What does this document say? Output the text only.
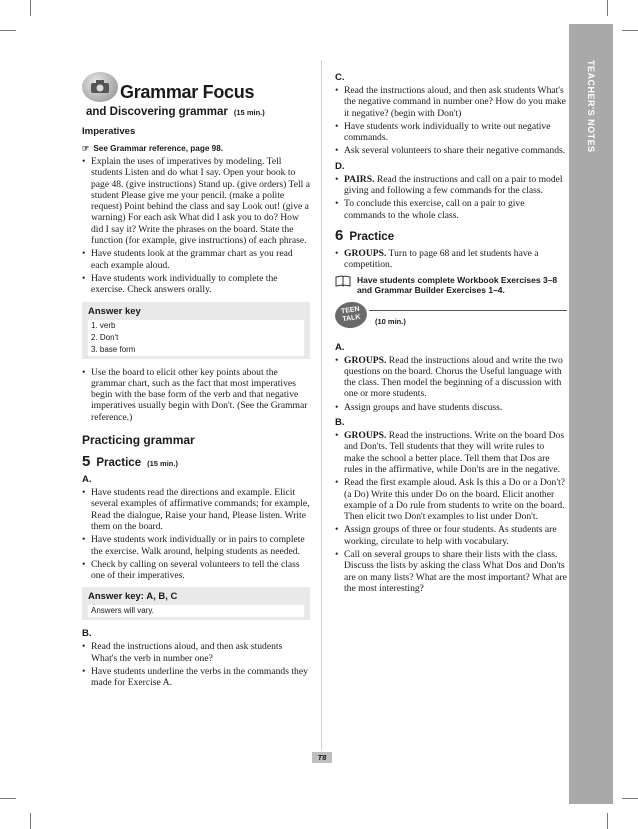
TEACHER'S NOTES
Grammar Focus
and Discovering grammar (15 min.)
Imperatives
☞ See Grammar reference, page 98.
• Explain the uses of imperatives by modeling. Tell students Listen and do what I say. Open your book to page 48. (give instructions) Stand up. (give orders) Tell a student Please give me your pencil. (make a polite request) Point behind the class and say Look out! (give a warning) For each ask What did I ask you to do? How did I say it? Write the phrases on the board. State the function (for example, give instructions) of each phrase.
• Have students look at the grammar chart as you read each example aloud.
• Have students work individually to complete the exercise. Check answers orally.
Answer key
1. verb
2. Don't
3. base form
• Use the board to elicit other key points about the grammar chart, such as the fact that most imperatives begin with the base form of the verb and that negative imperatives usually begin with Don't. (See the Grammar reference.)
Practicing grammar
5 Practice (15 min.)
A.
• Have students read the directions and example. Elicit several examples of affirmative commands; for example, Read the dialogue, Raise your hand, Please listen. Write them on the board.
• Have students work individually or in pairs to complete the exercise. Walk around, helping students as needed.
• Check by calling on several volunteers to tell the class one of their imperatives.
Answer key: A, B, C
Answers will vary.
B.
• Read the instructions aloud, and then ask students What's the verb in number one?
• Have students underline the verbs in the commands they made for Exercise A.
C.
• Read the instructions aloud, and then ask students What's the negative command in number one? How do you make it negative? (begin with Don't)
• Have students work individually to write out negative commands.
• Ask several volunteers to share their negative commands.
D.
• PAIRS. Read the instructions and call on a pair to model giving and following a few commands for the class.
• To conclude this exercise, call on a pair to give commands to the whole class.
6 Practice
• GROUPS. Turn to page 68 and let students have a competition.
Have students complete Workbook Exercises 3–8 and Grammar Builder Exercises 1–4.
TEEN TALK	(10 min.)
A.
• GROUPS. Read the instructions aloud and write the two questions on the board. Chorus the Useful language with the class. Then model the beginning of a discussion with one or more students.
• Assign groups and have students discuss.
B.
• GROUPS. Read the instructions. Write on the board Dos and Don'ts. Tell students that they will write rules to make the school a better place. Tell them that Dos are rules in the affirmative, while Don'ts are in the negative.
• Read the first example aloud. Ask Is this a Do or a Don't? (a Do) Write this under Do on the board. Elicit another example of a Do rule from students to write on the board. Then elicit two Don't examples to list under Don't.
• Assign groups of three or four students. As students are working, circulate to help with vocabulary.
• Call on several groups to share their lists with the class. Discuss the lists by asking the class What Dos and Don'ts are on many lists? What are the most important? What are the most interesting?
T8
